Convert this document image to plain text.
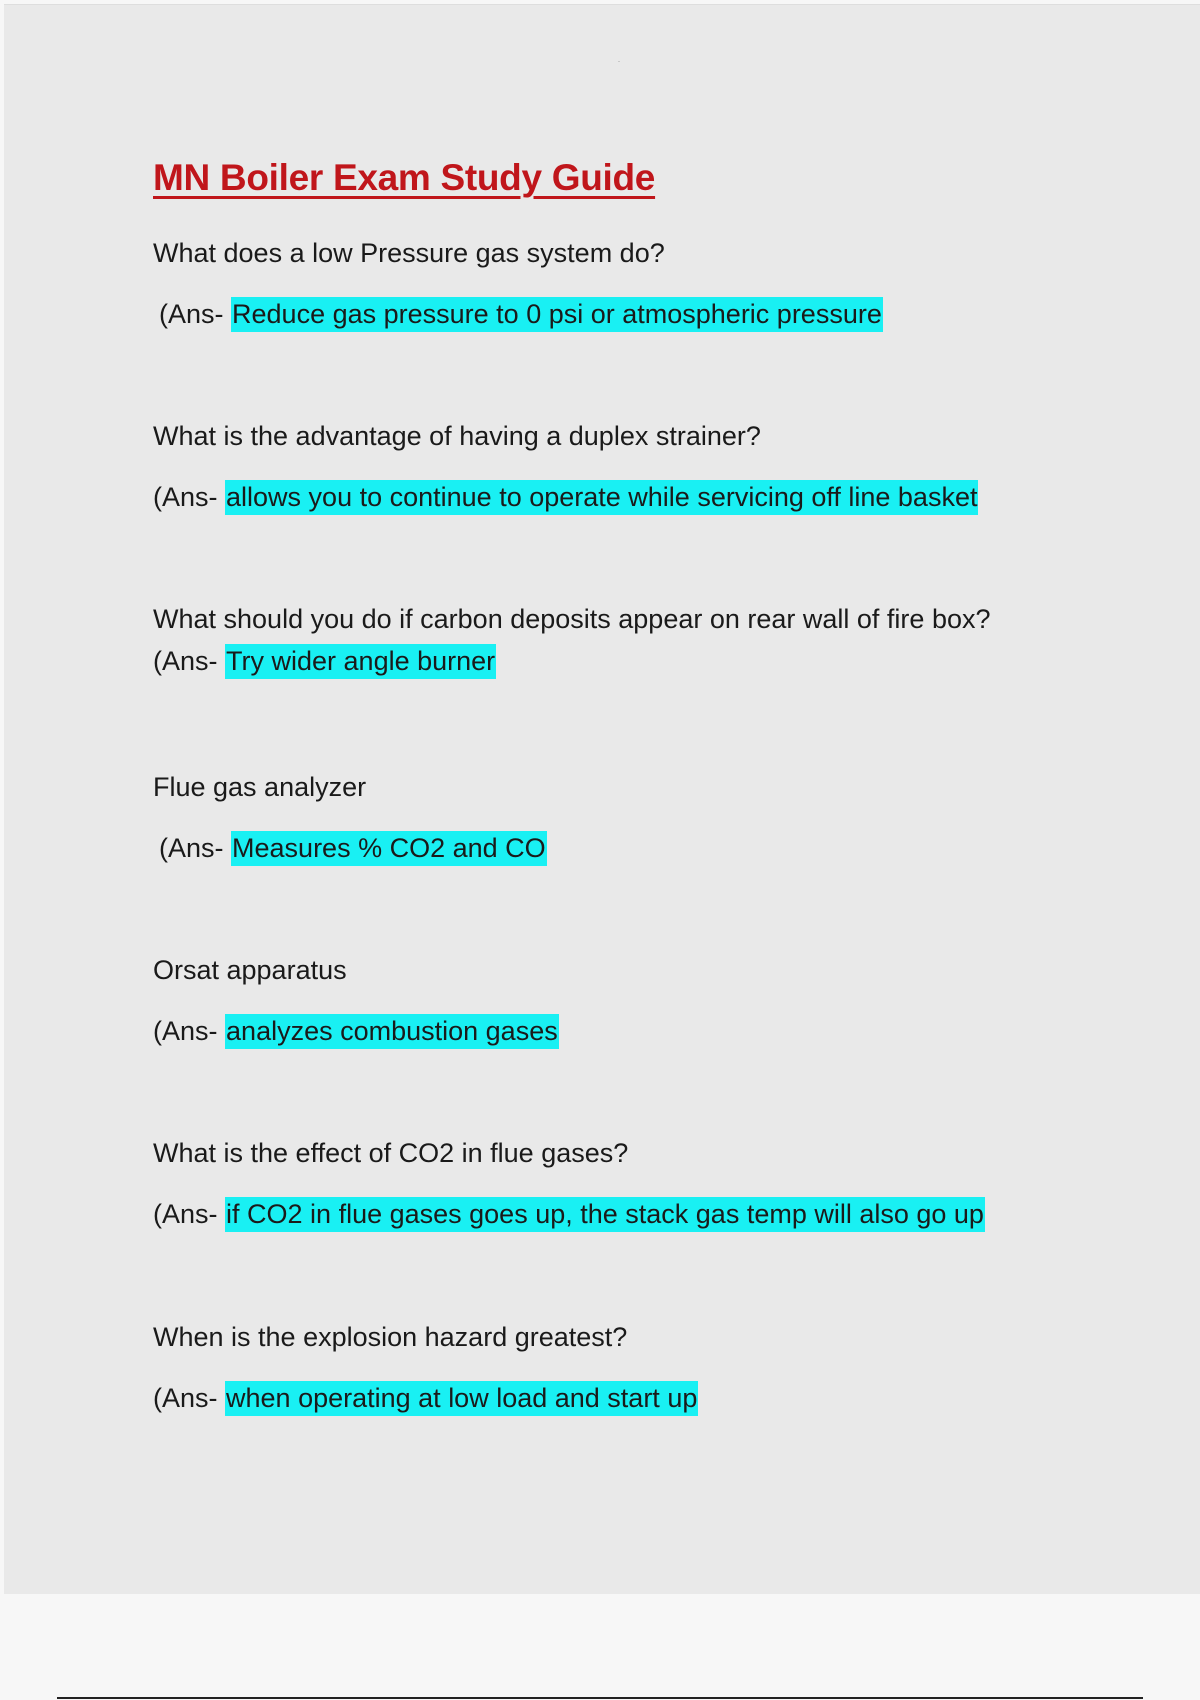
MN Boiler Exam Study Guide
What does a low Pressure gas system do?
(Ans- Reduce gas pressure to 0 psi or atmospheric pressure
What is the advantage of having a duplex strainer?
(Ans- allows you to continue to operate while servicing off line basket
What should you do if carbon deposits appear on rear wall of fire box?
(Ans- Try wider angle burner
Flue gas analyzer
(Ans- Measures % CO2 and CO
Orsat apparatus
(Ans- analyzes combustion gases
What is the effect of CO2 in flue gases?
(Ans- if CO2 in flue gases goes up, the stack gas temp will also go up
When is the explosion hazard greatest?
(Ans- when operating at low load and start up
